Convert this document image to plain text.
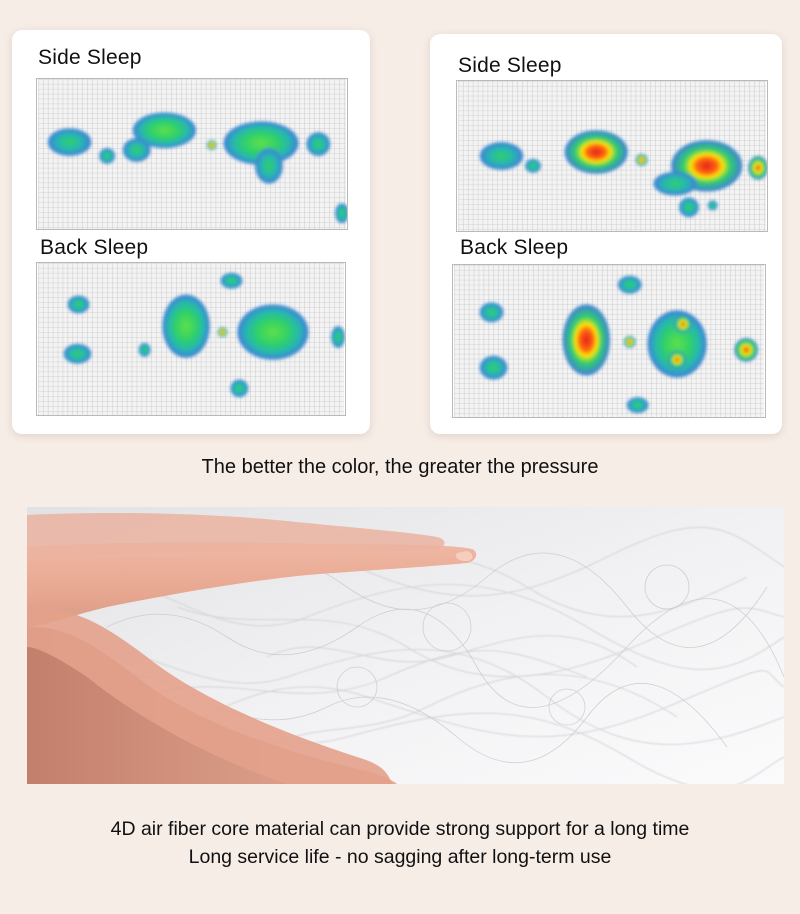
Side Sleep

Back Sleep

Side Sleep

Back Sleep

The better the color, the greater the pressure

4D air fiber core material can provide strong support for a long time

Long service life - no sagging after long-term use
